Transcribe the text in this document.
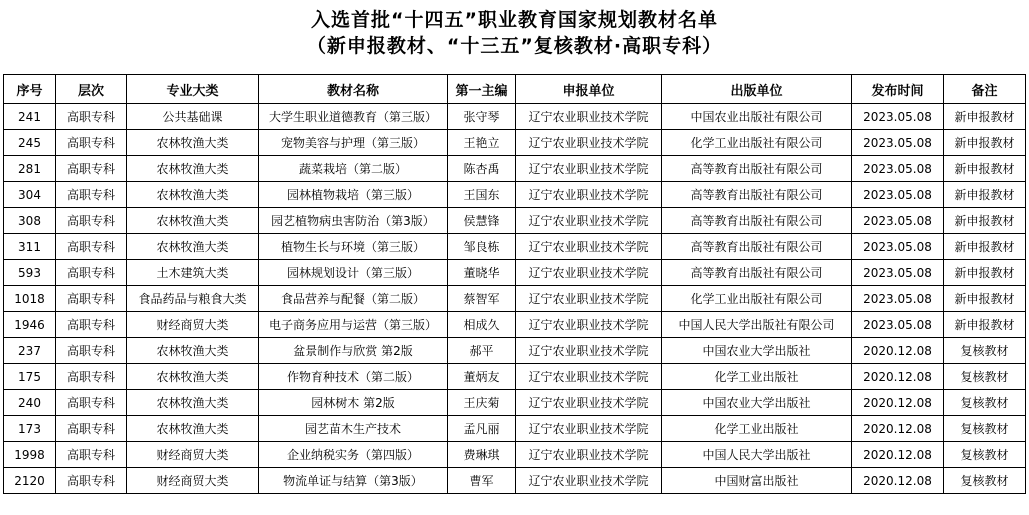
入选首批“十四五”职业教育国家规划教材名单
（新申报教材、“十三五”复核教材·高职专科）
序号	层次	专业大类	教材名称	第一主编	申报单位	出版单位	发布时间	备注
241	高职专科	公共基础课	大学生职业道德教育（第三版）	张守琴	辽宁农业职业技术学院	中国农业出版社有限公司	2023.05.08	新申报教材
245	高职专科	农林牧渔大类	宠物美容与护理（第三版）	王艳立	辽宁农业职业技术学院	化学工业出版社有限公司	2023.05.08	新申报教材
281	高职专科	农林牧渔大类	蔬菜栽培（第二版）	陈杏禹	辽宁农业职业技术学院	高等教育出版社有限公司	2023.05.08	新申报教材
304	高职专科	农林牧渔大类	园林植物栽培（第三版）	王国东	辽宁农业职业技术学院	高等教育出版社有限公司	2023.05.08	新申报教材
308	高职专科	农林牧渔大类	园艺植物病虫害防治（第3版）	侯慧锋	辽宁农业职业技术学院	高等教育出版社有限公司	2023.05.08	新申报教材
311	高职专科	农林牧渔大类	植物生长与环境（第三版）	邹良栋	辽宁农业职业技术学院	高等教育出版社有限公司	2023.05.08	新申报教材
593	高职专科	土木建筑大类	园林规划设计（第三版）	董晓华	辽宁农业职业技术学院	高等教育出版社有限公司	2023.05.08	新申报教材
1018	高职专科	食品药品与粮食大类	食品营养与配餐（第二版）	蔡智军	辽宁农业职业技术学院	化学工业出版社有限公司	2023.05.08	新申报教材
1946	高职专科	财经商贸大类	电子商务应用与运营（第三版）	相成久	辽宁农业职业技术学院	中国人民大学出版社有限公司	2023.05.08	新申报教材
237	高职专科	农林牧渔大类	盆景制作与欣赏 第2版	郝平	辽宁农业职业技术学院	中国农业大学出版社	2020.12.08	复核教材
175	高职专科	农林牧渔大类	作物育种技术（第二版）	董炳友	辽宁农业职业技术学院	化学工业出版社	2020.12.08	复核教材
240	高职专科	农林牧渔大类	园林树木 第2版	王庆菊	辽宁农业职业技术学院	中国农业大学出版社	2020.12.08	复核教材
173	高职专科	农林牧渔大类	园艺苗木生产技术	孟凡丽	辽宁农业职业技术学院	化学工业出版社	2020.12.08	复核教材
1998	高职专科	财经商贸大类	企业纳税实务（第四版）	费琳琪	辽宁农业职业技术学院	中国人民大学出版社	2020.12.08	复核教材
2120	高职专科	财经商贸大类	物流单证与结算（第3版）	曹军	辽宁农业职业技术学院	中国财富出版社	2020.12.08	复核教材
